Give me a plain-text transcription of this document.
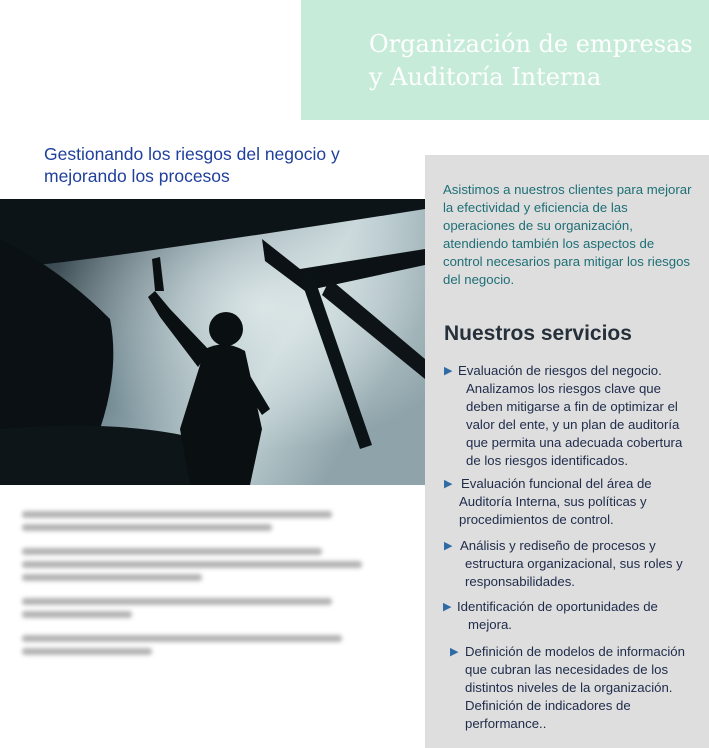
Organización de empresas
y Auditoría Interna
Gestionando los riesgos del negocio y
mejorando los procesos
Asistimos a nuestros clientes para mejorar
la efectividad y eficiencia de las
operaciones de su organización,
atendiendo también los aspectos de
control necesarios para mitigar los riesgos
del negocio.
Nuestros servicios
▶ Evaluación de riesgos del negocio.
Analizamos los riesgos clave que
deben mitigarse a fin de optimizar el
valor del ente, y un plan de auditoría
que permita una adecuada cobertura
de los riesgos identificados.
▶ Evaluación funcional del área de
Auditoría Interna, sus políticas y
procedimientos de control.
▶ Análisis y rediseño de procesos y
estructura organizacional, sus roles y
responsabilidades.
▶ Identificación de oportunidades de
mejora.
▶ Definición de modelos de información
que cubran las necesidades de los
distintos niveles de la organización.
Definición de indicadores de
performance..
